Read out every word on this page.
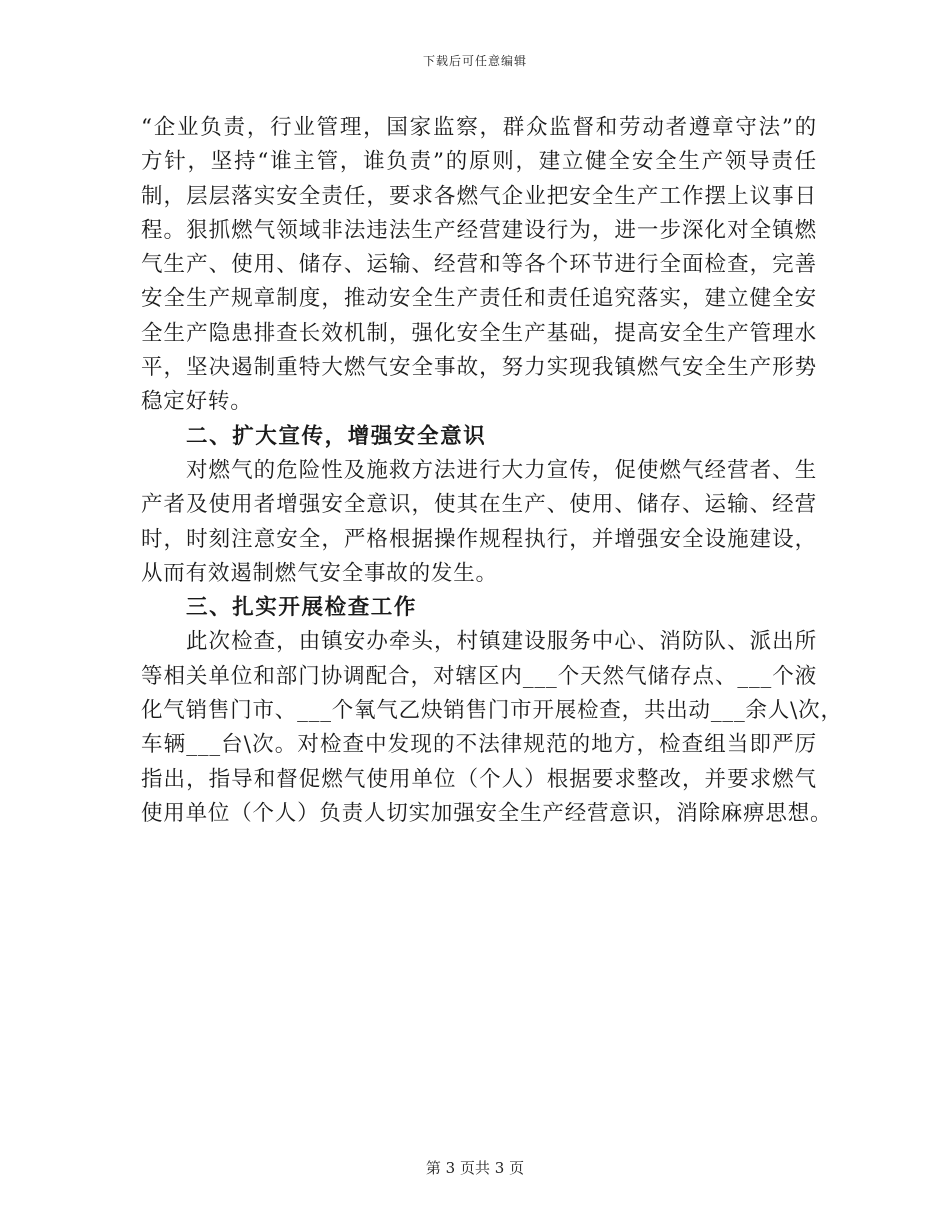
下载后可任意编辑
“企业负责，行业管理，国家监察，群众监督和劳动者遵章守法”的
方针，坚持“谁主管，谁负责”的原则，建立健全安全生产领导责任
制，层层落实安全责任，要求各燃气企业把安全生产工作摆上议事日
程。狠抓燃气领域非法违法生产经营建设行为，进一步深化对全镇燃
气生产、使用、储存、运输、经营和等各个环节进行全面检查，完善
安全生产规章制度，推动安全生产责任和责任追究落实，建立健全安
全生产隐患排查长效机制，强化安全生产基础，提高安全生产管理水
平，坚决遏制重特大燃气安全事故，努力实现我镇燃气安全生产形势
稳定好转。
二、扩大宣传，增强安全意识
对燃气的危险性及施救方法进行大力宣传，促使燃气经营者、生
产者及使用者增强安全意识，使其在生产、使用、储存、运输、经营
时，时刻注意安全，严格根据操作规程执行，并增强安全设施建设，
从而有效遏制燃气安全事故的发生。
三、扎实开展检查工作
此次检查，由镇安办牵头，村镇建设服务中心、消防队、派出所
等相关单位和部门协调配合，对辖区内___个天然气储存点、___个液
化气销售门市、___个氧气乙炔销售门市开展检查，共出动___余人\次，
车辆___台\次。对检查中发现的不法律规范的地方，检查组当即严厉
指出，指导和督促燃气使用单位（个人）根据要求整改，并要求燃气
使用单位（个人）负责人切实加强安全生产经营意识，消除麻痹思想。
第 3 页共 3 页
